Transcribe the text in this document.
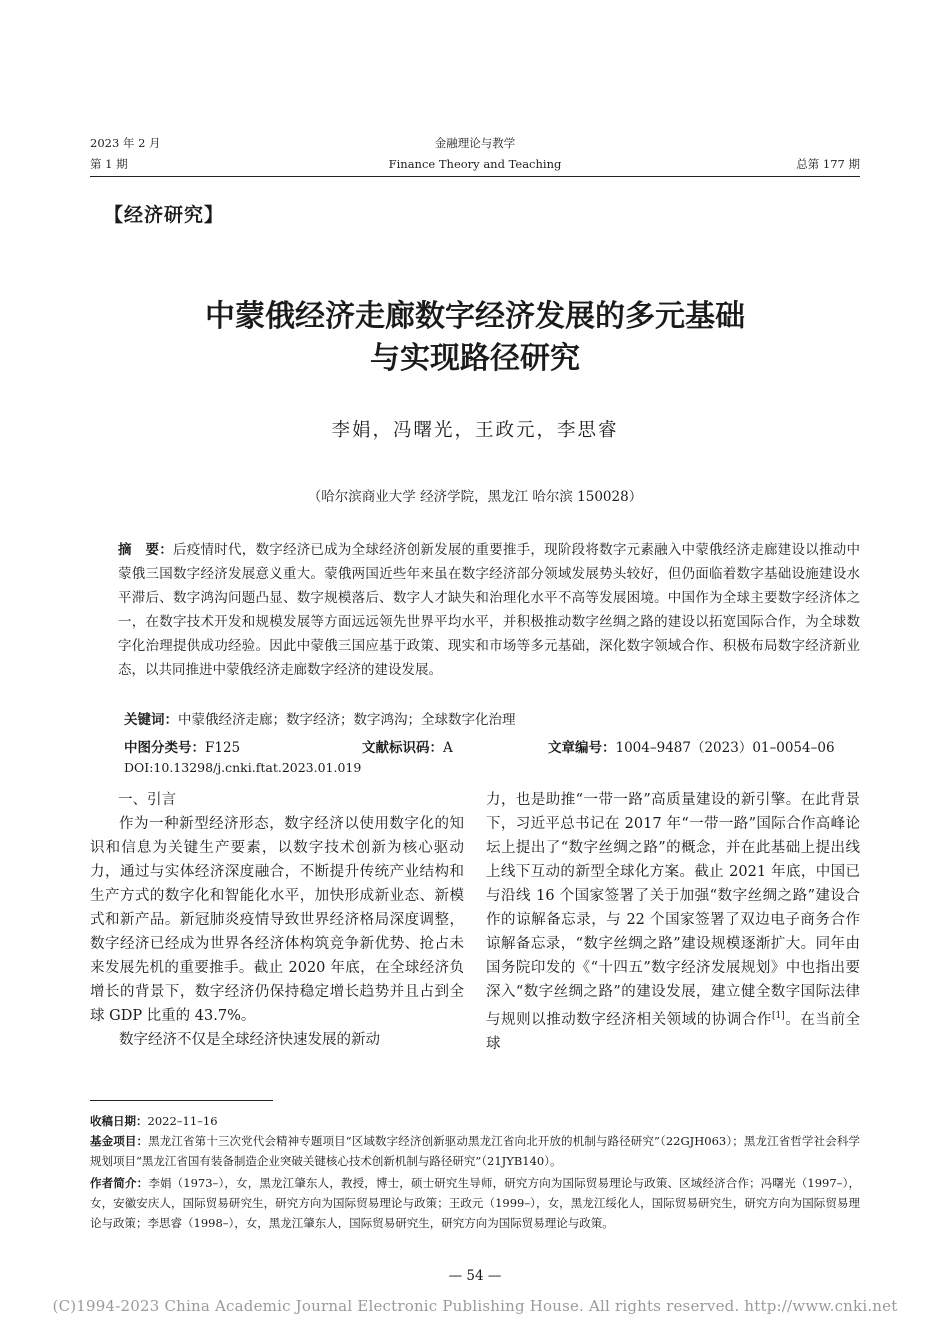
2023 年 2 月
第 1 期
金融理论与教学
Finance Theory and Teaching	总第 177 期
【经济研究】
中蒙俄经济走廊数字经济发展的多元基础
与实现路径研究
李娟，冯曙光，王政元，李思睿
（哈尔滨商业大学 经济学院，黑龙江 哈尔滨 150028）
摘　要：后疫情时代，数字经济已成为全球经济创新发展的重要推手，现阶段将数字元素融入中蒙俄经济走廊建设以推动中蒙俄三国数字经济发展意义重大。蒙俄两国近些年来虽在数字经济部分领域发展势头较好，但仍面临着数字基础设施建设水平滞后、数字鸿沟问题凸显、数字规模落后、数字人才缺失和治理化水平不高等发展困境。中国作为全球主要数字经济体之一，在数字技术开发和规模发展等方面远远领先世界平均水平，并积极推动数字丝绸之路的建设以拓宽国际合作，为全球数字化治理提供成功经验。因此中蒙俄三国应基于政策、现实和市场等多元基础，深化数字领域合作、积极布局数字经济新业态，以共同推进中蒙俄经济走廊数字经济的建设发展。
关键词：中蒙俄经济走廊；数字经济；数字鸿沟；全球数字化治理
中图分类号：F125	文献标识码：A	文章编号：1004–9487（2023）01–0054–06
DOI:10.13298/j.cnki.ftat.2023.01.019

一、引言

作为一种新型经济形态，数字经济以使用数字化的知识和信息为关键生产要素，以数字技术创新为核心驱动力，通过与实体经济深度融合，不断提升传统产业结构和生产方式的数字化和智能化水平，加快形成新业态、新模式和新产品。新冠肺炎疫情导致世界经济格局深度调整，数字经济已经成为世界各经济体构筑竞争新优势、抢占未来发展先机的重要推手。截止 2020 年底，在全球经济负增长的背景下，数字经济仍保持稳定增长趋势并且占到全球 GDP 比重的 43.7%。

数字经济不仅是全球经济快速发展的新动

力，也是助推“一带一路”高质量建设的新引擎。在此背景下，习近平总书记在 2017 年“一带一路”国际合作高峰论坛上提出了“数字丝绸之路”的概念，并在此基础上提出线上线下互动的新型全球化方案。截止 2021 年底，中国已与沿线 16 个国家签署了关于加强“数字丝绸之路”建设合作的谅解备忘录，与 22 个国家签署了双边电子商务合作谅解备忘录，“数字丝绸之路”建设规模逐渐扩大。同年由国务院印发的《“十四五”数字经济发展规划》中也指出要深入“数字丝绸之路”的建设发展，建立健全数字国际法律与规则以推动数字经济相关领域的协调合作[1]。在当前全球

收稿日期：2022–11–16
基金项目：黑龙江省第十三次党代会精神专题项目“区域数字经济创新驱动黑龙江省向北开放的机制与路径研究”（22GJH063）；黑龙江省哲学社会科学规划项目“黑龙江省国有装备制造企业突破关键核心技术创新机制与路径研究”（21JYB140）。
作者简介：李娟（1973–），女，黑龙江肇东人，教授，博士，硕士研究生导师，研究方向为国际贸易理论与政策、区域经济合作；冯曙光（1997–），女，安徽安庆人，国际贸易研究生，研究方向为国际贸易理论与政策；王政元（1999–），女，黑龙江绥化人，国际贸易研究生，研究方向为国际贸易理论与政策；李思睿（1998–），女，黑龙江肇东人，国际贸易研究生，研究方向为国际贸易理论与政策。
— 54 —
(C)1994-2023 China Academic Journal Electronic Publishing House. All rights reserved. http://www.cnki.net
